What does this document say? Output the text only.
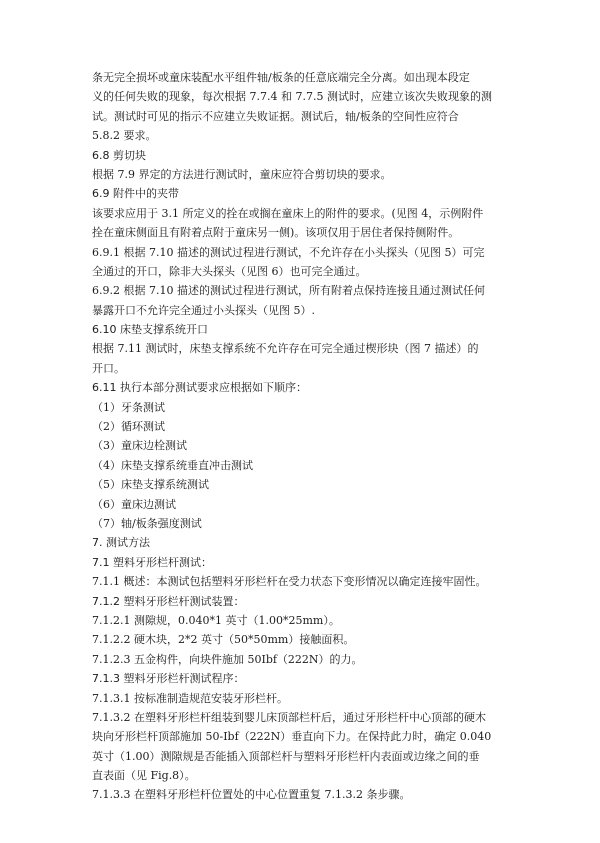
条无完全损坏或童床装配水平组件轴/板条的任意底端完全分离。如出现本段定
义的任何失败的现象，每次根据 7.7.4 和 7.7.5 测试时，应建立该次失败现象的测
试。测试时可见的指示不应建立失败证据。测试后，轴/板条的空间性应符合
5.8.2 要求。
6.8 剪切块
根据 7.9 界定的方法进行测试时，童床应符合剪切块的要求。
6.9 附件中的夹带
该要求应用于 3.1 所定义的拴在或搁在童床上的附件的要求。(见图 4，示例附件
拴在童床侧面且有附着点附于童床另一侧)。该项仅用于居住者保持侧附件。
6.9.1 根据 7.10 描述的测试过程进行测试，不允许存在小头探头（见图 5）可完
全通过的开口，除非大头探头（见图 6）也可完全通过。
6.9.2 根据 7.10 描述的测试过程进行测试，所有附着点保持连接且通过测试任何
暴露开口不允许完全通过小头探头（见图 5）.
6.10 床垫支撑系统开口
根据 7.11 测试时，床垫支撑系统不允许存在可完全通过楔形块（图 7 描述）的
开口。
6.11 执行本部分测试要求应根据如下顺序：
（1）牙条测试
（2）循环测试
（3）童床边栓测试
（4）床垫支撑系统垂直冲击测试
（5）床垫支撑系统测试
（6）童床边测试
（7）轴/板条强度测试
7. 测试方法
7.1 塑料牙形栏杆测试：
7.1.1 概述：本测试包括塑料牙形栏杆在受力状态下变形情况以确定连接牢固性。
7.1.2 塑料牙形栏杆测试装置：
7.1.2.1 测隙规，0.040*1 英寸（1.00*25mm）。
7.1.2.2 硬木块，2*2 英寸（50*50mm）接触面积。
7.1.2.3 五金构件，向块件施加 50Ibf（222N）的力。
7.1.3 塑料牙形栏杆测试程序：
7.1.3.1 按标准制造规范安装牙形栏杆。
7.1.3.2 在塑料牙形栏杆组装到婴儿床顶部栏杆后，通过牙形栏杆中心顶部的硬木
块向牙形栏杆顶部施加 50-Ibf（222N）垂直向下力。在保持此力时，确定 0.040
英寸（1.00）测隙规是否能插入顶部栏杆与塑料牙形栏杆内表面或边缘之间的垂
直表面（见 Fig.8）。
7.1.3.3 在塑料牙形栏杆位置处的中心位置重复 7.1.3.2 条步骤。
